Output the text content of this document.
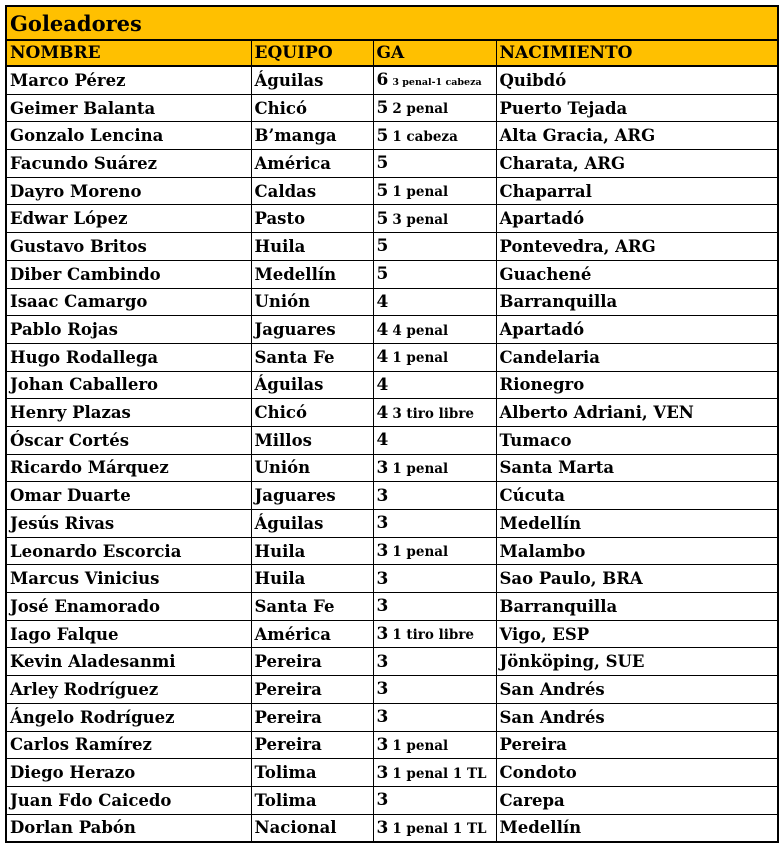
Goleadores			
NOMBRE	EQUIPO	GA	NACIMIENTO
Marco Pérez	Águilas	6 3 penal-1 cabeza	Quibdó
Geimer Balanta	Chicó	5 2 penal	Puerto Tejada
Gonzalo Lencina	B’manga	5 1 cabeza	Alta Gracia, ARG
Facundo Suárez	América	5	Charata, ARG
Dayro Moreno	Caldas	5 1 penal	Chaparral
Edwar López	Pasto	5 3 penal	Apartadó
Gustavo Britos	Huila	5	Pontevedra, ARG
Diber Cambindo	Medellín	5	Guachené
Isaac Camargo	Unión	4	Barranquilla
Pablo Rojas	Jaguares	4 4 penal	Apartadó
Hugo Rodallega	Santa Fe	4 1 penal	Candelaria
Johan Caballero	Águilas	4	Rionegro
Henry Plazas	Chicó	4 3 tiro libre	Alberto Adriani, VEN
Óscar Cortés	Millos	4	Tumaco
Ricardo Márquez	Unión	3 1 penal	Santa Marta
Omar Duarte	Jaguares	3	Cúcuta
Jesús Rivas	Águilas	3	Medellín
Leonardo Escorcia	Huila	3 1 penal	Malambo
Marcus Vinicius	Huila	3	Sao Paulo, BRA
José Enamorado	Santa Fe	3	Barranquilla
Iago Falque	América	3 1 tiro libre	Vigo, ESP
Kevin Aladesanmi	Pereira	3	Jönköping, SUE
Arley Rodríguez	Pereira	3	San Andrés
Ángelo Rodríguez	Pereira	3	San Andrés
Carlos Ramírez	Pereira	3 1 penal	Pereira
Diego Herazo	Tolima	3 1 penal 1 TL	Condoto
Juan Fdo Caicedo	Tolima	3	Carepa
Dorlan Pabón	Nacional	3 1 penal 1 TL	Medellín
